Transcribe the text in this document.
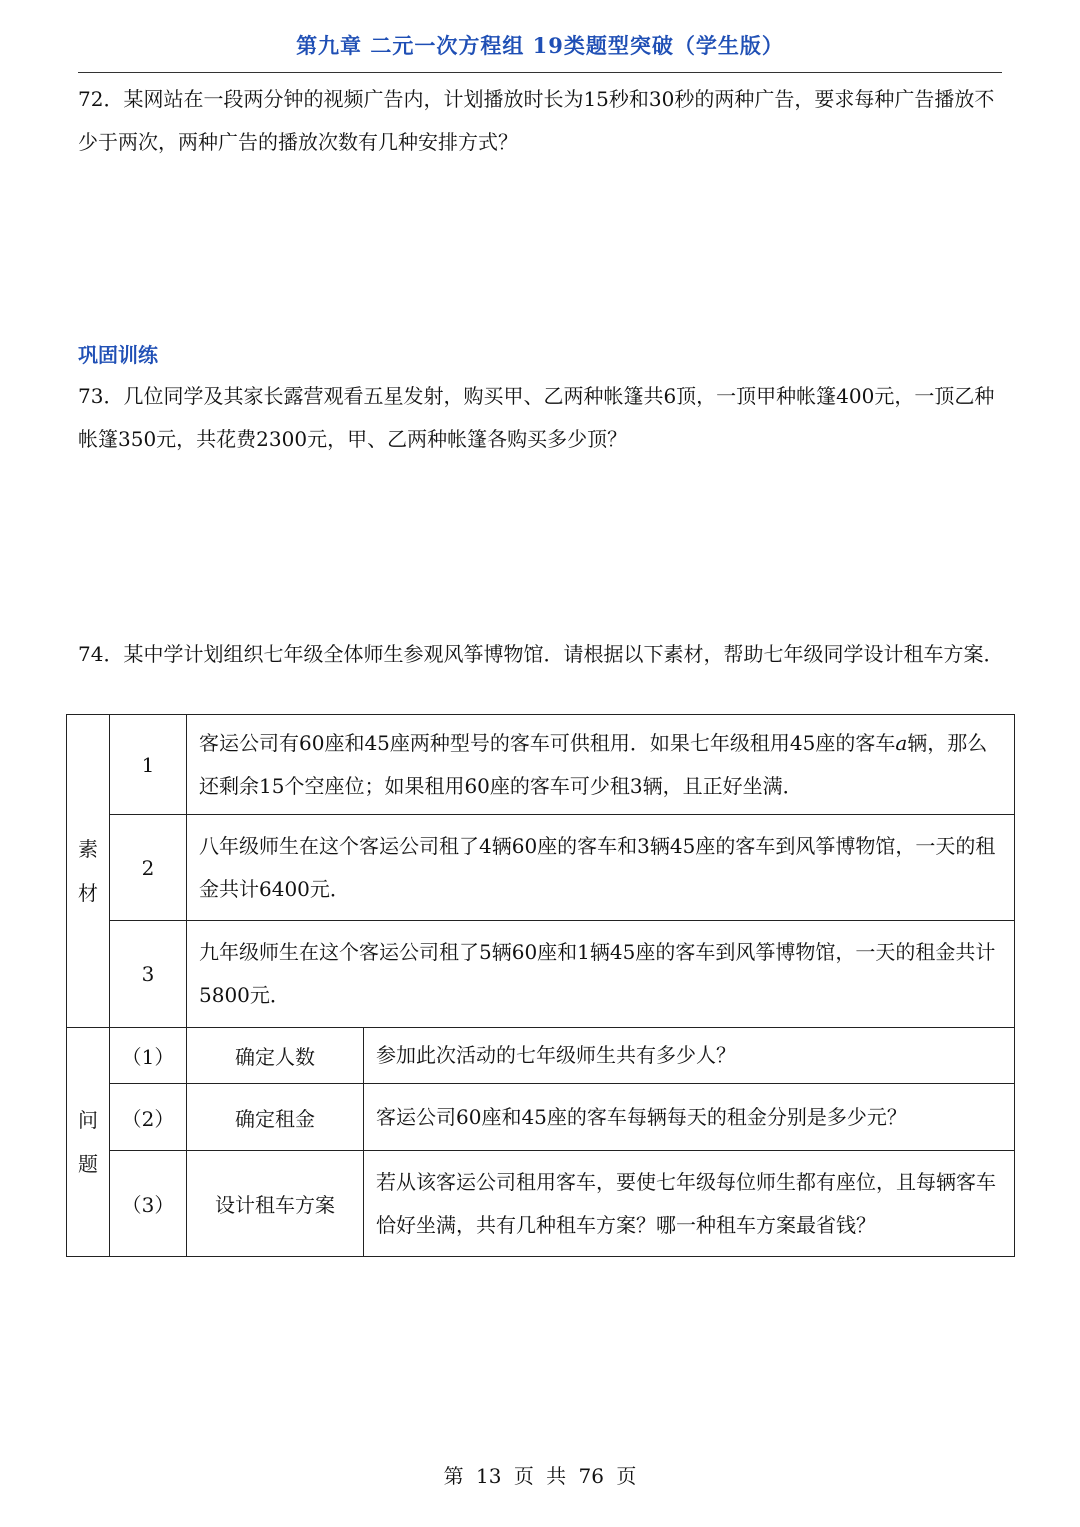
第九章 二元一次方程组 19类题型突破（学生版）
72．某网站在一段两分钟的视频广告内，计划播放时长为15秒和30秒的两种广告，要求每种广告播放不少于两次，两种广告的播放次数有几种安排方式？
巩固训练
73．几位同学及其家长露营观看五星发射，购买甲、乙两种帐篷共6顶，一顶甲种帐篷400元，一顶乙种帐篷350元，共花费2300元，甲、乙两种帐篷各购买多少顶？
74．某中学计划组织七年级全体师生参观风筝博物馆．请根据以下素材，帮助七年级同学设计租车方案．
素材	1	客运公司有60座和45座两种型号的客车可供租用．如果七年级租用45座的客车a辆，那么还剩余15个空座位；如果租用60座的客车可少租3辆，且正好坐满．	
	2	八年级师生在这个客运公司租了4辆60座的客车和3辆45座的客车到风筝博物馆，一天的租金共计6400元．	
	3	九年级师生在这个客运公司租了5辆60座和1辆45座的客车到风筝博物馆，一天的租金共计5800元．	
问题	（1）	确定人数	参加此次活动的七年级师生共有多少人？
	（2）	确定租金	客运公司60座和45座的客车每辆每天的租金分别是多少元？
	（3）	设计租车方案	若从该客运公司租用客车，要使七年级每位师生都有座位，且每辆客车恰好坐满，共有几种租车方案？哪一种租车方案最省钱？
第 13 页 共 76 页
